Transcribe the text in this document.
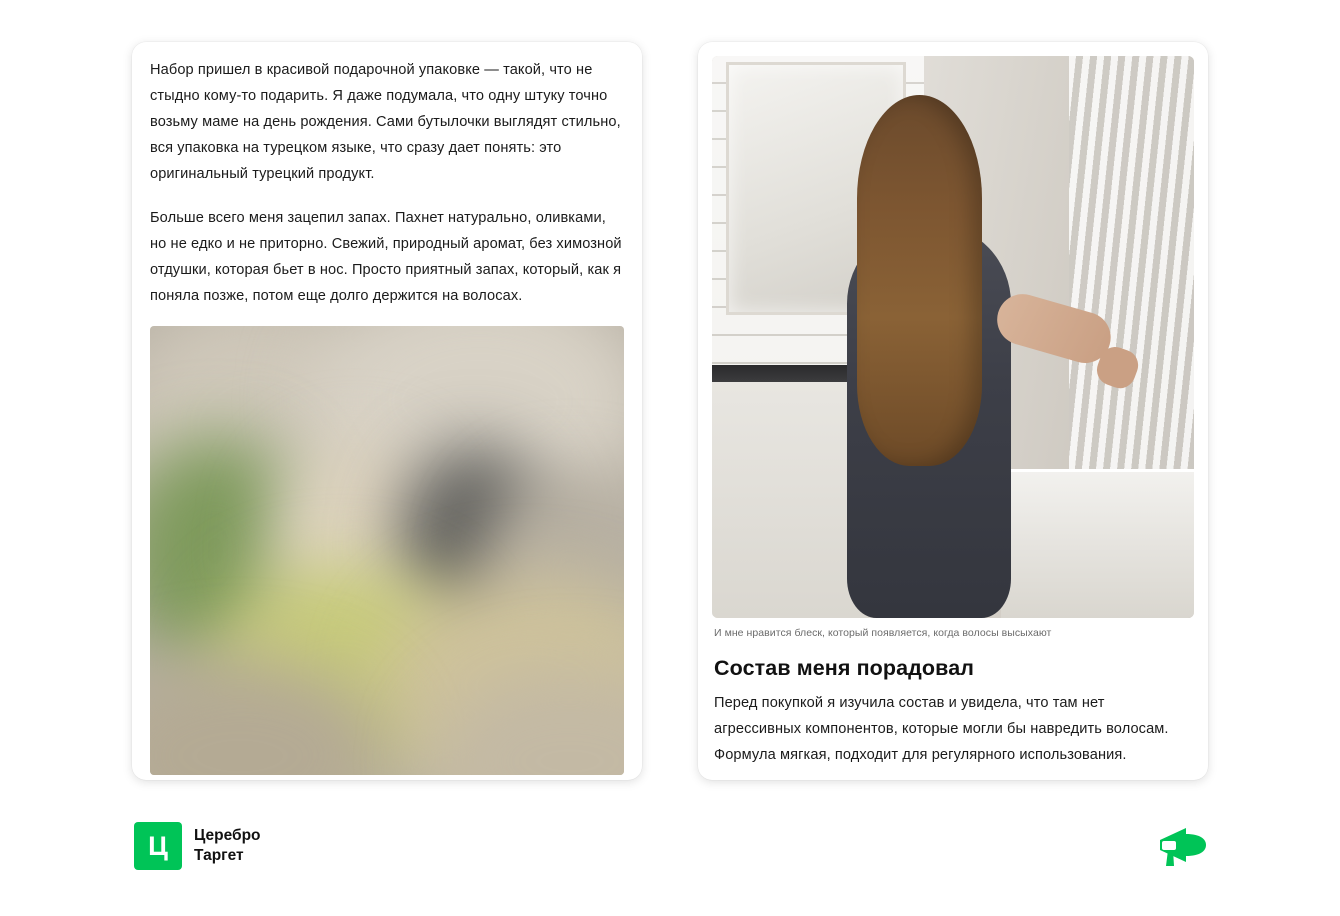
Набор пришел в красивой подарочной упаковке — такой, что не стыдно кому-то подарить. Я даже подумала, что одну штуку точно возьму маме на день рождения. Сами бутылочки выглядят стильно, вся упаковка на турецком языке, что сразу дает понять: это оригинальный турецкий продукт.

Больше всего меня зацепил запах. Пахнет натурально, оливками, но не едко и не приторно. Свежий, природный аромат, без химозной отдушки, которая бьет в нос. Просто приятный запах, который, как я поняла позже, потом еще долго держится на волосах.

И мне нравится блеск, который появляется, когда волосы высыхают
Состав меня порадовал

Перед покупкой я изучила состав и увидела, что там нет агрессивных компонентов, которые могли бы навредить волосам. Формула мягкая, подходит для регулярного использования.

Ц Церебро
Таргет
